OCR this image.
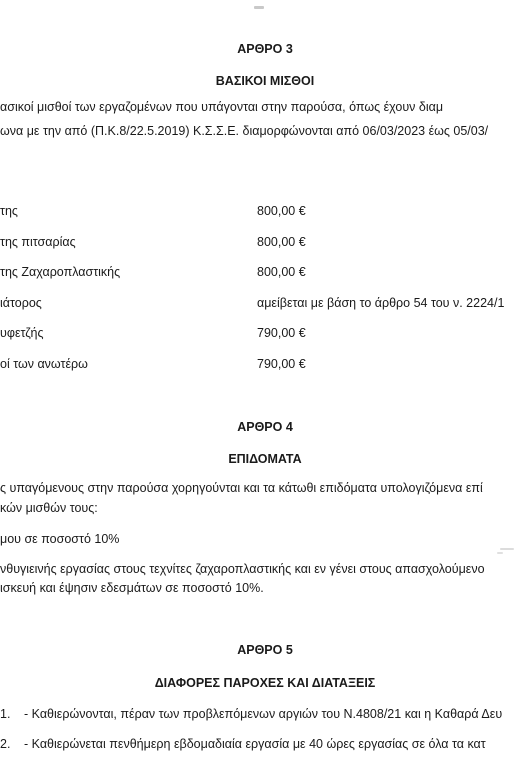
ΑΡΘΡΟ 3
ΒΑΣΙΚΟΙ ΜΙΣΘΟΙ
ασικοί μισθοί των εργαζομένων που υπάγονται στην παρούσα, όπως έχουν διαμ
ωνα με την από (Π.Κ.8/22.5.2019) Κ.Σ.Σ.Ε. διαμορφώνονται από 06/03/2023 έως 05/03/
της	800,00 €
της πιτσαρίας	800,00 €
της Ζαχαροπλαστικής	800,00 €
ιάτορος	αμείβεται με βάση το άρθρο 54 του ν. 2224/1
υφετζής	790,00 €
οί των ανωτέρω	790,00 €
ΑΡΘΡΟ 4
ΕΠΙΔΟΜΑΤΑ
ς υπαγόμενους στην παρούσα χορηγούνται και τα κάτωθι επιδόματα υπολογιζόμενα επί
κών μισθών τους:
μου σε ποσοστό 10%
νθυγιεινής εργασίας στους τεχνίτες ζαχαροπλαστικής και εν γένει στους απασχολούμενο
ισκευή και έψησιν εδεσμάτων σε ποσοστό 10%.
ΑΡΘΡΟ 5
ΔΙΑΦΟΡΕΣ ΠΑΡΟΧΕΣ ΚΑΙ ΔΙΑΤΑΞΕΙΣ
1. - Καθιερώνονται, πέραν των προβλεπόμενων αργιών του Ν.4808/21 και η Καθαρά Δευ
2. - Καθιερώνεται πενθήμερη εβδομαδιαία εργασία με 40 ώρες εργασίας σε όλα τα κατ
